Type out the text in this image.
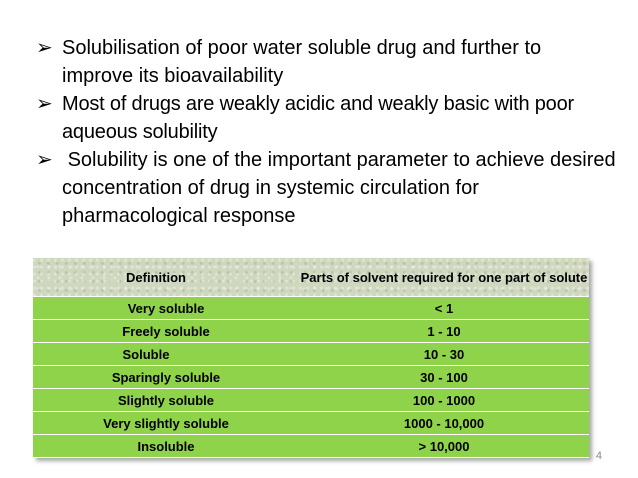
➢ Solubilisation of poor water soluble drug and further to improve its bioavailability
➢ Most of drugs are weakly acidic and weakly basic with poor aqueous solubility
➢ Solubility is one of the important parameter to achieve desired concentration of drug in systemic circulation for pharmacological response
Definition	Parts of solvent required for one part of solute
Very soluble	< 1
Freely soluble	1 - 10
Soluble	10 - 30
Sparingly soluble	30 - 100
Slightly soluble	100 - 1000
Very slightly soluble	1000 - 10,000
Insoluble	> 10,000
4
